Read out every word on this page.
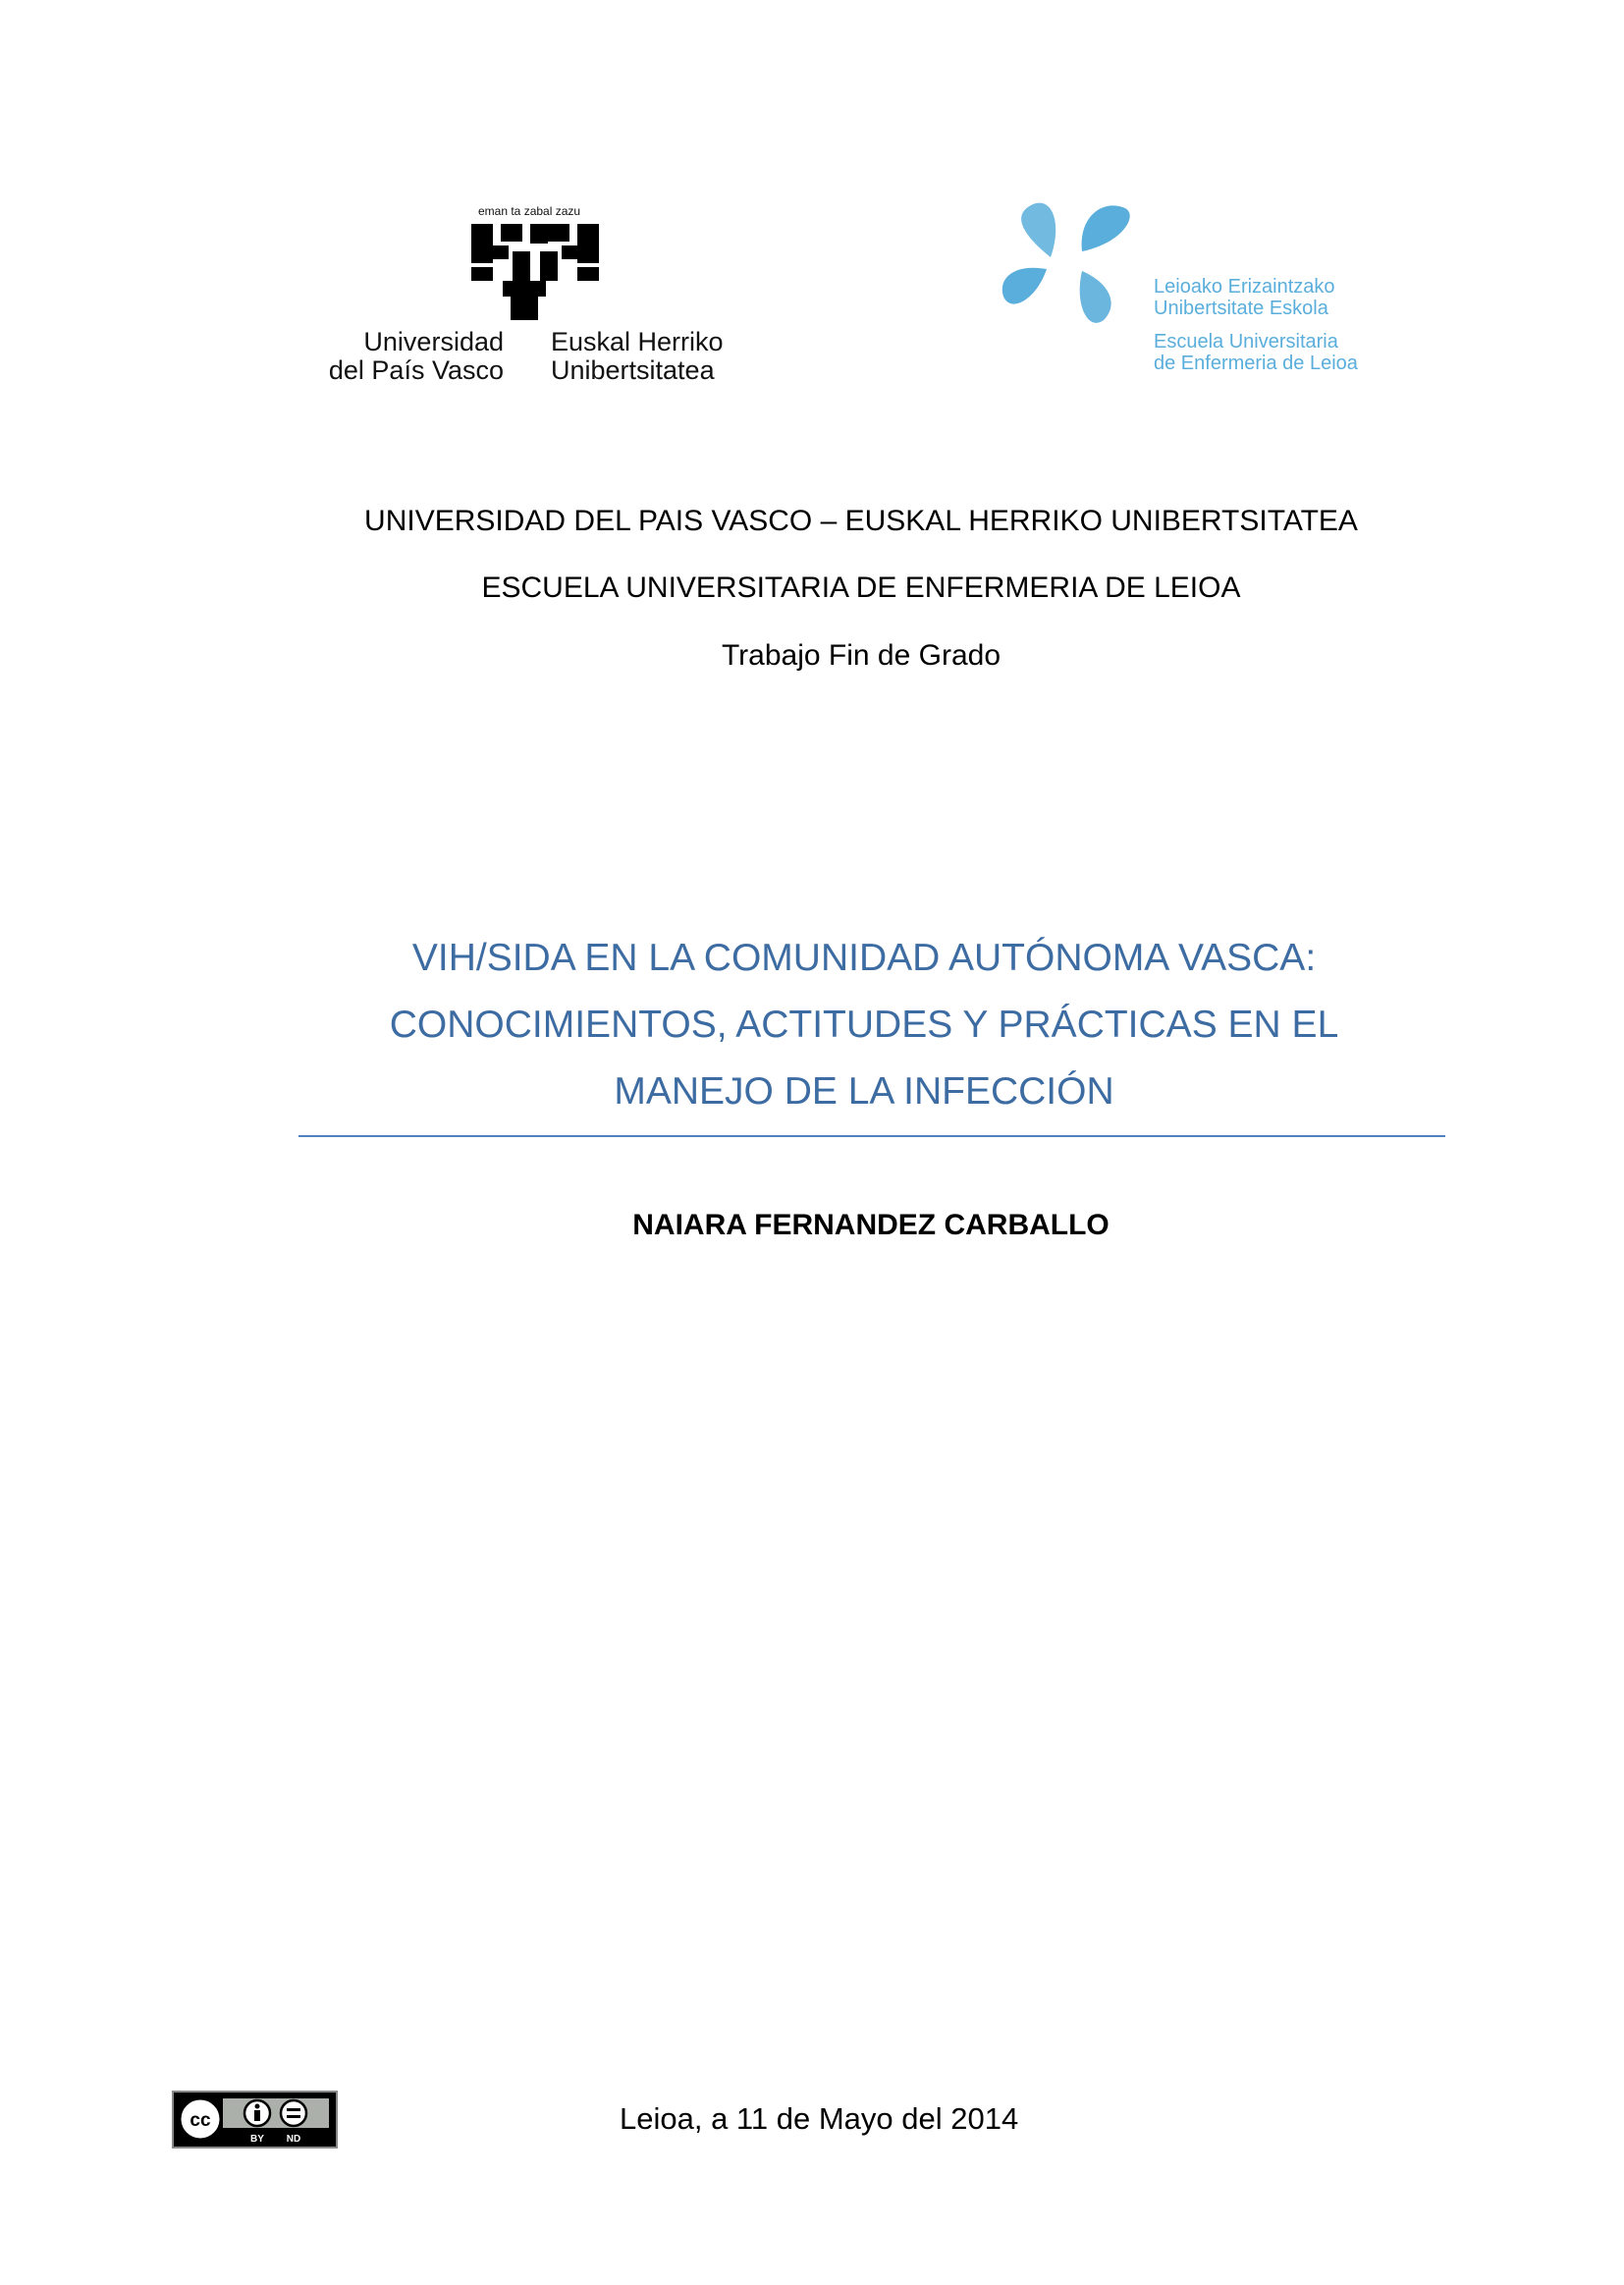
eman ta zabal zazu
Universidad
del País Vasco
Euskal Herriko
Unibertsitatea
Leioako Erizaintzako
Unibertsitate Eskola
Escuela Universitaria
de Enfermeria de Leioa
UNIVERSIDAD DEL PAIS VASCO – EUSKAL HERRIKO UNIBERTSITATEA
ESCUELA UNIVERSITARIA DE ENFERMERIA DE LEIOA
Trabajo Fin de Grado
VIH/SIDA EN LA COMUNIDAD AUTÓNOMA VASCA:
CONOCIMIENTOS, ACTITUDES Y PRÁCTICAS EN EL
MANEJO DE LA INFECCIÓN
NAIARA FERNANDEZ CARBALLO
cc
BY ND
Leioa, a 11 de Mayo del 2014
